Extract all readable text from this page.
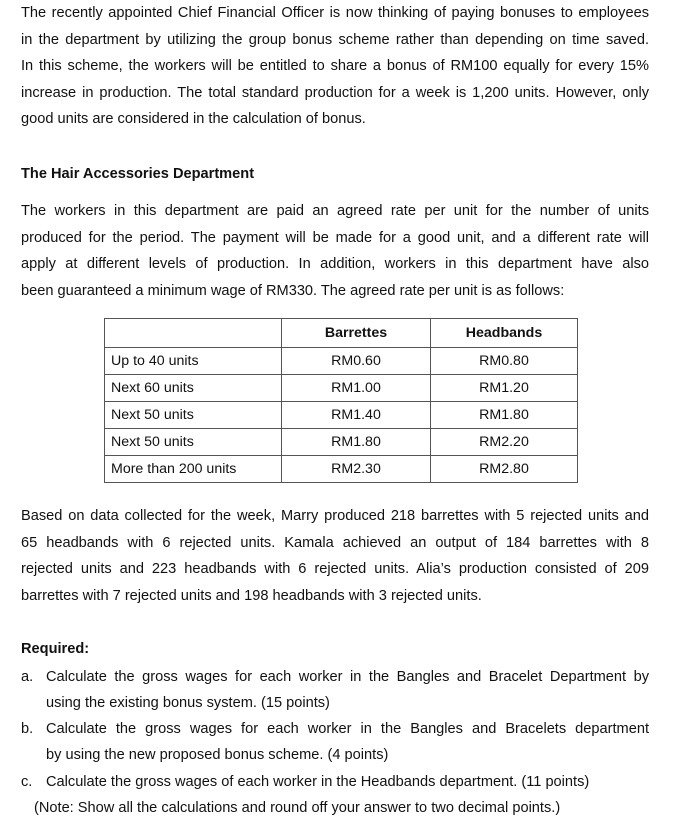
The recently appointed Chief Financial Officer is now thinking of paying bonuses to employees
in the department by utilizing the group bonus scheme rather than depending on time saved.
In this scheme, the workers will be entitled to share a bonus of RM100 equally for every 15%
increase in production. The total standard production for a week is 1,200 units. However, only
good units are considered in the calculation of bonus.
The Hair Accessories Department
The workers in this department are paid an agreed rate per unit for the number of units
produced for the period. The payment will be made for a good unit, and a different rate will
apply at different levels of production. In addition, workers in this department have also
been guaranteed a minimum wage of RM330. The agreed rate per unit is as follows:
	Barrettes	Headbands
Up to 40 units	RM0.60	RM0.80
Next 60 units	RM1.00	RM1.20
Next 50 units	RM1.40	RM1.80
Next 50 units	RM1.80	RM2.20
More than 200 units	RM2.30	RM2.80
Based on data collected for the week, Marry produced 218 barrettes with 5 rejected units and
65 headbands with 6 rejected units. Kamala achieved an output of 184 barrettes with 8
rejected units and 223 headbands with 6 rejected units. Alia’s production consisted of 209
barrettes with 7 rejected units and 198 headbands with 3 rejected units.
Required:
a. Calculate the gross wages for each worker in the Bangles and Bracelet Department by
using the existing bonus system. (15 points)
b. Calculate the gross wages for each worker in the Bangles and Bracelets department
by using the new proposed bonus scheme. (4 points)
c. Calculate the gross wages of each worker in the Headbands department. (11 points)
(Note: Show all the calculations and round off your answer to two decimal points.)
